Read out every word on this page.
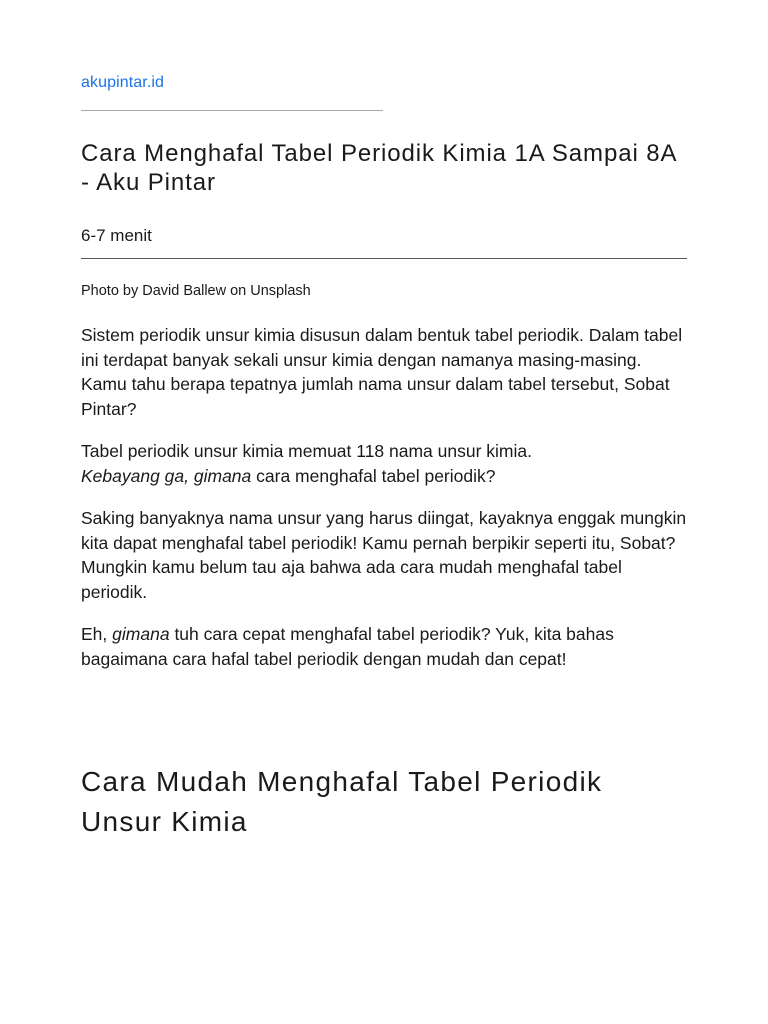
akupintar.id
Cara Menghafal Tabel Periodik Kimia 1A Sampai 8A - Aku Pintar
6-7 menit
Photo by David Ballew on Unsplash

Sistem periodik unsur kimia disusun dalam bentuk tabel periodik. Dalam tabel ini terdapat banyak sekali unsur kimia dengan namanya masing-masing. Kamu tahu berapa tepatnya jumlah nama unsur dalam tabel tersebut, Sobat Pintar?

Tabel periodik unsur kimia memuat 118 nama unsur kimia.
Kebayang ga, gimana cara menghafal tabel periodik?

Saking banyaknya nama unsur yang harus diingat, kayaknya enggak mungkin kita dapat menghafal tabel periodik! Kamu pernah berpikir seperti itu, Sobat? Mungkin kamu belum tau aja bahwa ada cara mudah menghafal tabel periodik.

Eh, gimana tuh cara cepat menghafal tabel periodik? Yuk, kita bahas bagaimana cara hafal tabel periodik dengan mudah dan cepat!

Cara Mudah Menghafal Tabel Periodik Unsur Kimia
